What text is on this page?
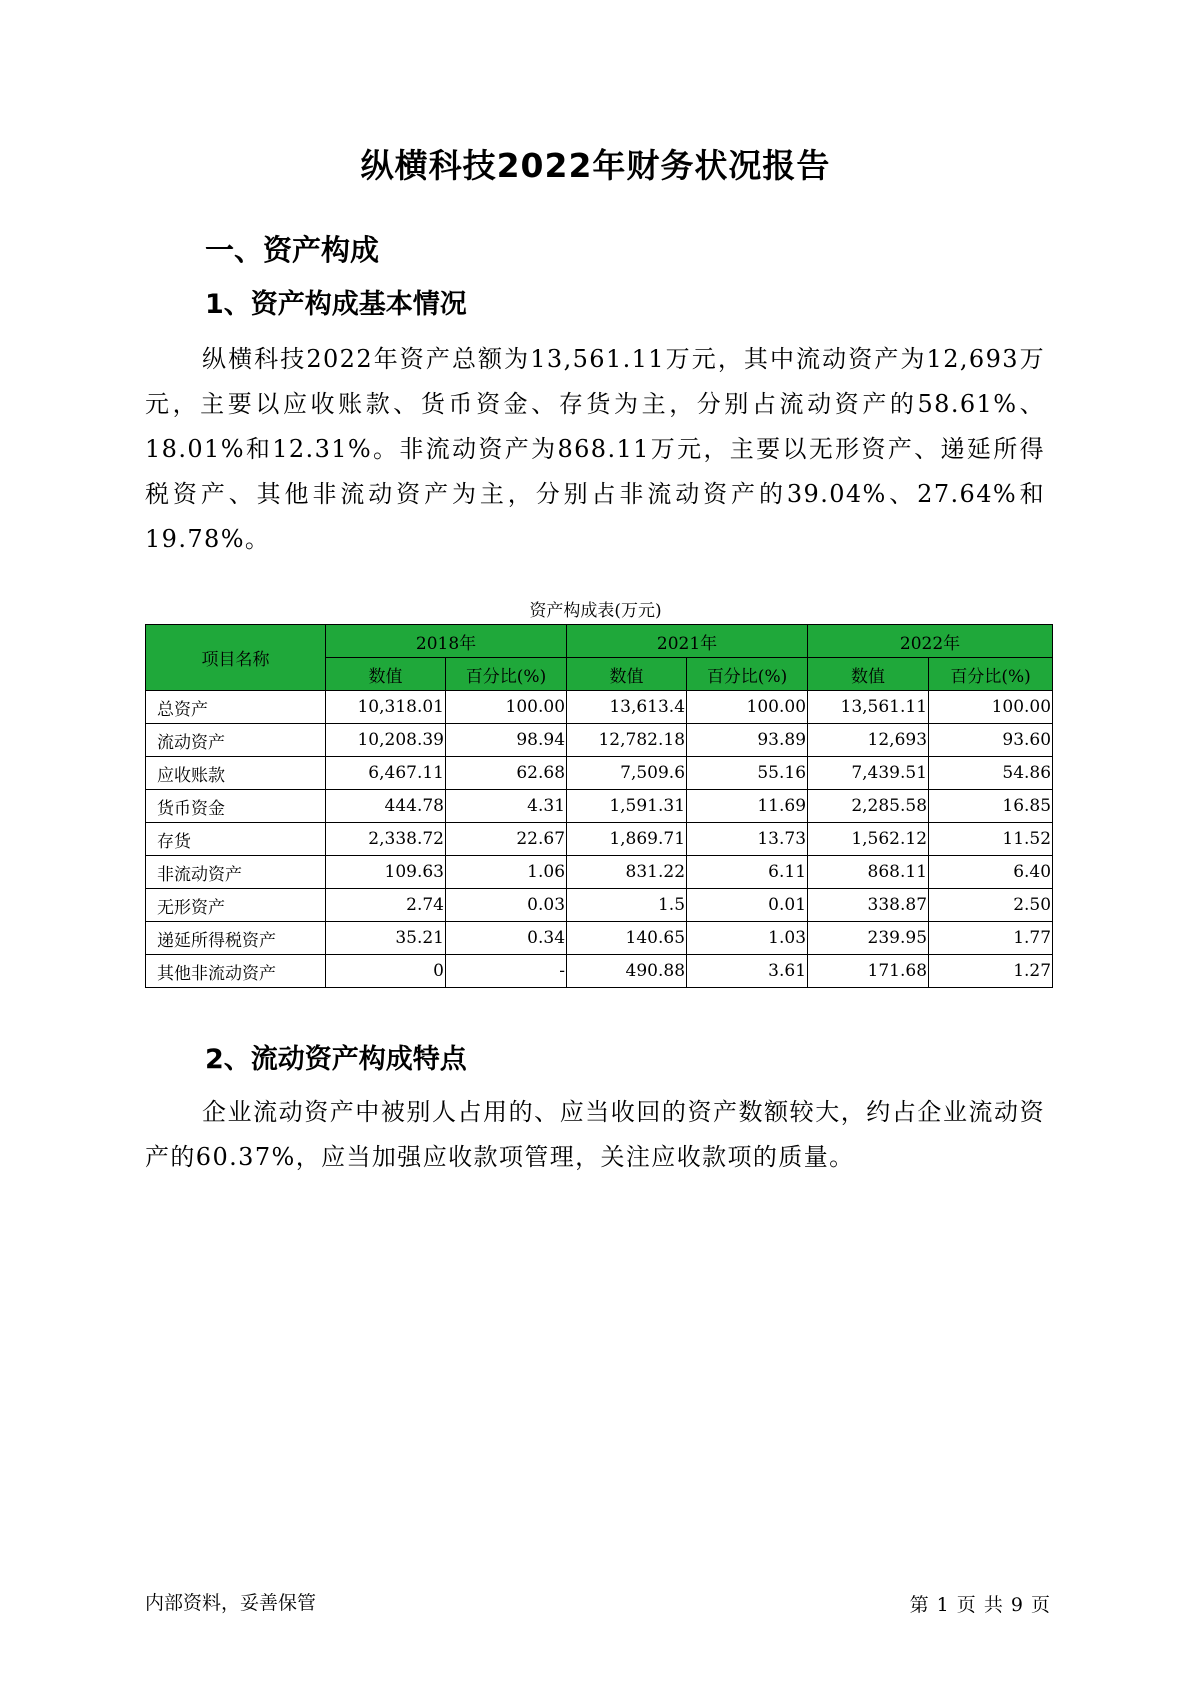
纵横科技2022年财务状况报告
一、资产构成
1、资产构成基本情况
纵横科技2022年资产总额为13,561.11万元，其中流动资产为12,693万元，主要以应收账款、货币资金、存货为主，分别占流动资产的58.61%、18.01%和12.31%。非流动资产为868.11万元，主要以无形资产、递延所得税资产、其他非流动资产为主，分别占非流动资产的39.04%、27.64%和19.78%。
资产构成表(万元)
项目名称	2018年		2021年		2022年	
	数值	百分比(%)	数值	百分比(%)	数值	百分比(%)
总资产	10,318.01	100.00	13,613.4	100.00	13,561.11	100.00
流动资产	10,208.39	98.94	12,782.18	93.89	12,693	93.60
应收账款	6,467.11	62.68	7,509.6	55.16	7,439.51	54.86
货币资金	444.78	4.31	1,591.31	11.69	2,285.58	16.85
存货	2,338.72	22.67	1,869.71	13.73	1,562.12	11.52
非流动资产	109.63	1.06	831.22	6.11	868.11	6.40
无形资产	2.74	0.03	1.5	0.01	338.87	2.50
递延所得税资产	35.21	0.34	140.65	1.03	239.95	1.77
其他非流动资产	0	-	490.88	3.61	171.68	1.27
2、流动资产构成特点
企业流动资产中被别人占用的、应当收回的资产数额较大，约占企业流动资产的60.37%，应当加强应收款项管理，关注应收款项的质量。
内部资料，妥善保管	第 1 页 共 9 页
